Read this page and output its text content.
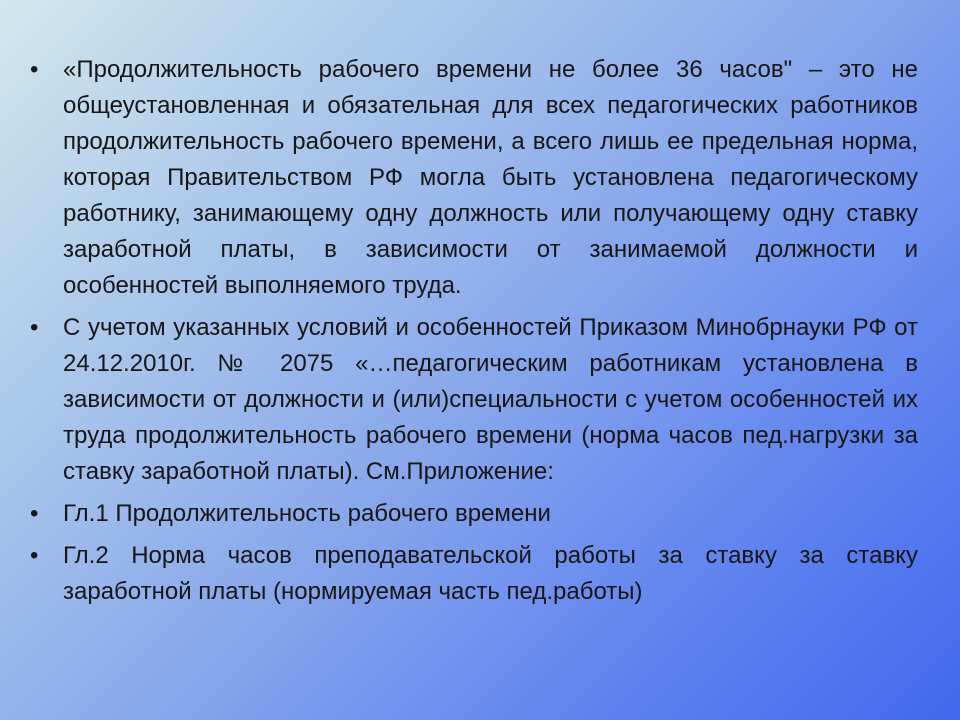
•	«Продолжительность рабочего времени не более 36 часов" – это не общеустановленная и обязательная для всех педагогических работников продолжительность рабочего времени, а всего лишь ее предельная норма, которая Правительством РФ могла быть установлена педагогическому работнику, занимающему одну должность или получающему одну ставку заработной платы, в зависимости от занимаемой должности и особенностей выполняемого труда.
•	С учетом указанных условий и особенностей Приказом Минобрнауки РФ от 24.12.2010г. № 2075 «…педагогическим работникам установлена в зависимости от должности и (или)специальности с учетом особенностей их труда продолжительность рабочего времени (норма часов пед.нагрузки за ставку заработной платы). См.Приложение:
•	Гл.1 Продолжительность рабочего времени
•	Гл.2 Норма часов преподавательской работы за ставку за ставку заработной платы (нормируемая часть пед.работы)
